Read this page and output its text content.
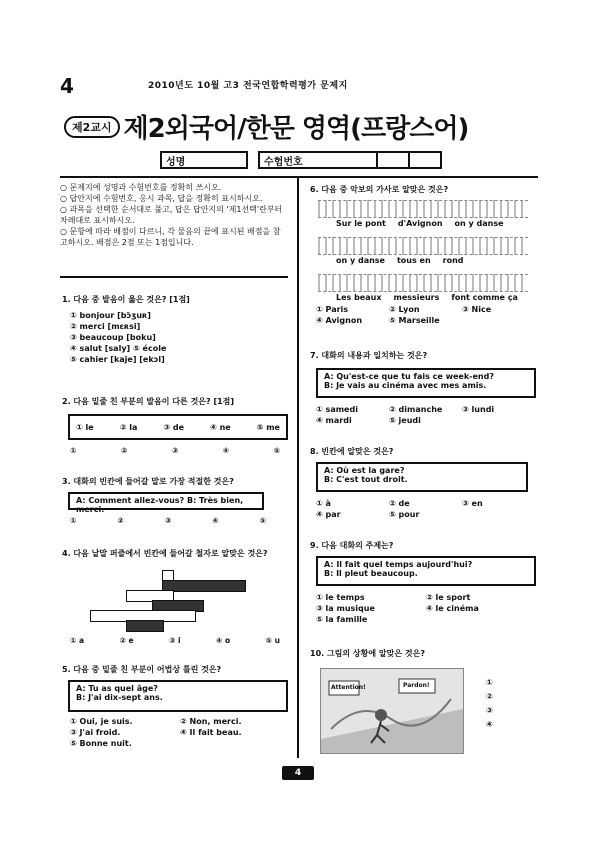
4	2010년도 10월 고3 전국연합학력평가 문제지
제2교시 제2외국어/한문 영역(프랑스어)
성명	수험번호
○ 문제지에 성명과 수험번호를 정확히 쓰시오.
○ 답안지에 수험번호, 응시 과목, 답을 정확히 표시하시오.
○ 과목을 선택한 순서대로 풀고, 답은 답안지의 '제1선택'란부터 차례대로 표시하시오.
○ 문항에 따라 배점이 다르니, 각 물음의 끝에 표시된 배점을 참고하시오. 배점은 2점 또는 1점입니다.
1. 다음 중 발음이 옳은 것은? [1점]
① bonjour [bɔ̃ʒuʀ]
② merci [mɛʀsi]
③ beaucoup [boku]
④ salut [saly] ⑤ école
⑤ cahier [kaje] [ekɔl]
2. 다음 밑줄 친 부분의 발음이 다른 것은? [1점]
① le	② la	③ de	④ ne	⑤ me
①	②	③	④	⑤
3. 대화의 빈칸에 들어갈 말로 가장 적절한 것은?
A: Comment allez-vous? B: Très bien, merci.
①	②	③	④	⑤
4. 다음 낱말 퍼즐에서 빈칸에 들어갈 철자로 알맞은 것은?
① a	② e	③ i	④ o	⑤ u
5. 다음 중 밑줄 친 부분이 어법상 틀린 것은?
A: Tu as quel âge?
B: J'ai dix-sept ans.
① Oui, je suis.	② Non, merci.
③ J'ai froid.	④ Il fait beau.
⑤ Bonne nuit.
6. 다음 중 악보의 가사로 알맞은 것은?
Sur le pont d'Avignon on y danse
on y danse tous en rond
Les beaux messieurs font comme ça
① Paris	② Lyon	③ Nice
④ Avignon	⑤ Marseille
7. 대화의 내용과 일치하는 것은?
A: Qu'est-ce que tu fais ce week-end?
B: Je vais au cinéma avec mes amis.
① samedi	② dimanche	③ lundi
④ mardi	⑤ jeudi
8. 빈칸에 알맞은 것은?
A: Où est la gare?
B: C'est tout droit.
① à	② de	③ en
④ par	⑤ pour
9. 다음 대화의 주제는?
A: Il fait quel temps aujourd'hui?
B: Il pleut beaucoup.
① le temps	② le sport
③ la musique	④ le cinéma
⑤ la famille
10. 그림의 상황에 알맞은 것은?
Attention!	Pardon!	①
②
③
④
4
